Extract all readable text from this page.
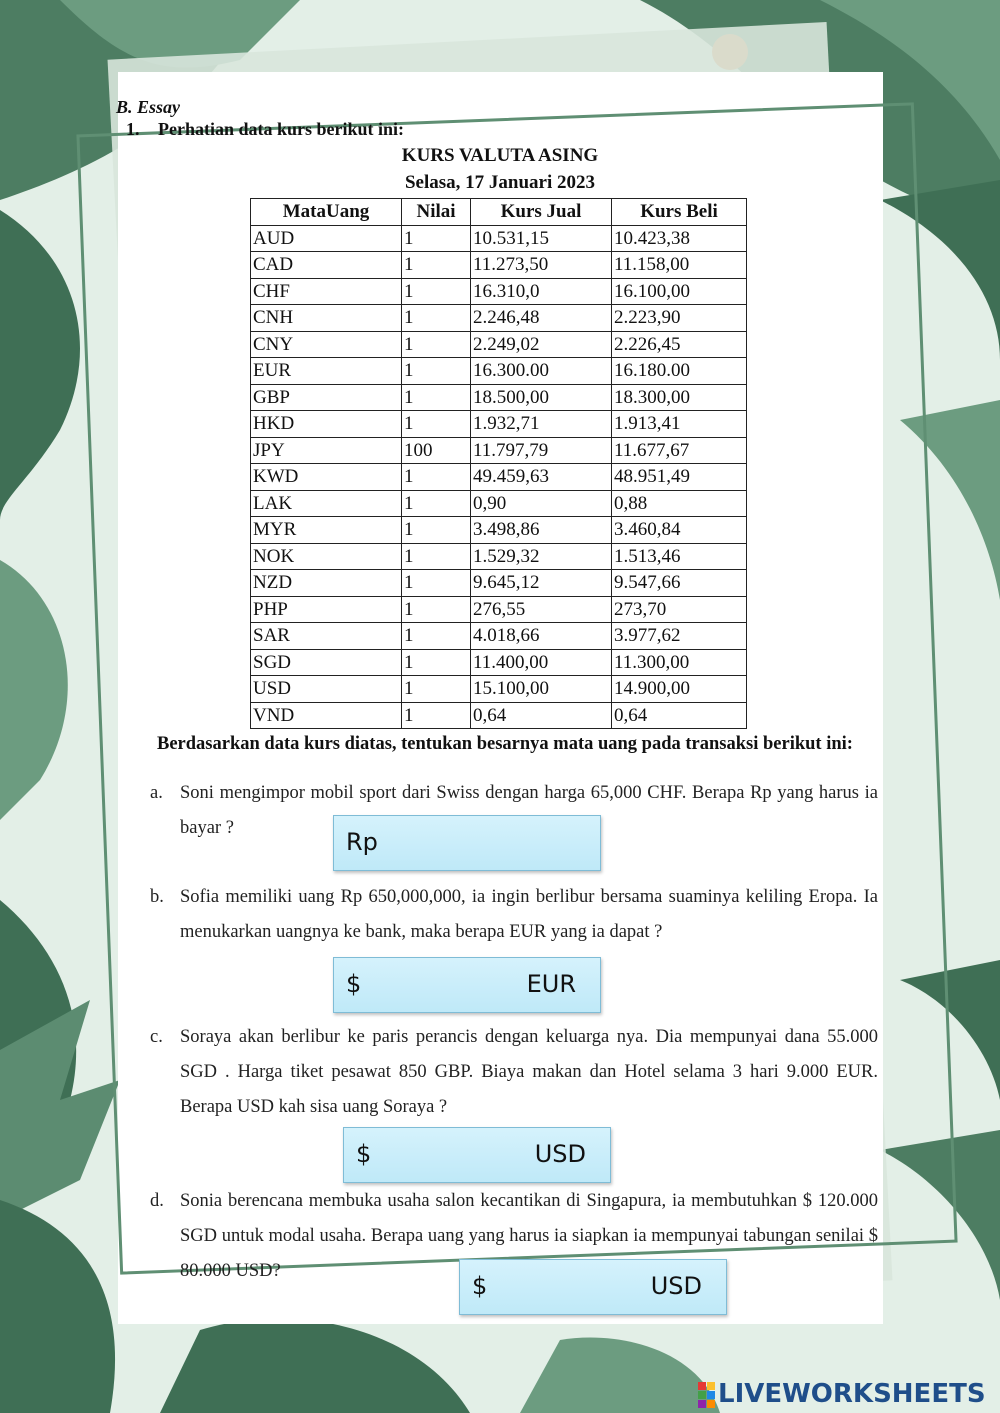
B. Essay
1. Perhatian data kurs berikut ini:
KURS VALUTA ASING
Selasa, 17 Januari 2023
MataUang	Nilai	Kurs Jual	Kurs Beli
AUD	1	10.531,15	10.423,38
CAD	1	11.273,50	11.158,00
CHF	1	16.310,0	16.100,00
CNH	1	2.246,48	2.223,90
CNY	1	2.249,02	2.226,45
EUR	1	16.300.00	16.180.00
GBP	1	18.500,00	18.300,00
HKD	1	1.932,71	1.913,41
JPY	100	11.797,79	11.677,67
KWD	1	49.459,63	48.951,49
LAK	1	0,90	0,88
MYR	1	3.498,86	3.460,84
NOK	1	1.529,32	1.513,46
NZD	1	9.645,12	9.547,66
PHP	1	276,55	273,70
SAR	1	4.018,66	3.977,62
SGD	1	11.400,00	11.300,00
USD	1	15.100,00	14.900,00
VND	1	0,64	0,64
Berdasarkan data kurs diatas, tentukan besarnya mata uang pada transaksi berikut ini:
a. Soni mengimpor mobil sport dari Swiss dengan harga 65,000 CHF. Berapa Rp yang harus ia bayar ?	Rp
b. Sofia memiliki uang Rp 650,000,000, ia ingin berlibur bersama suaminya keliling Eropa. Ia menukarkan uangnya ke bank, maka berapa EUR yang ia dapat ?
$	EUR
c. Soraya akan berlibur ke paris perancis dengan keluarga nya. Dia mempunyai dana 55.000 SGD . Harga tiket pesawat 850 GBP. Biaya makan dan Hotel selama 3 hari 9.000 EUR. Berapa USD kah sisa uang Soraya ?
$	USD
d. Sonia berencana membuka usaha salon kecantikan di Singapura, ia membutuhkan $ 120.000 SGD untuk modal usaha. Berapa uang yang harus ia siapkan ia mempunyai tabungan senilai $ 80.000 USD?
$	USD
LIVEWORKSHEETS
